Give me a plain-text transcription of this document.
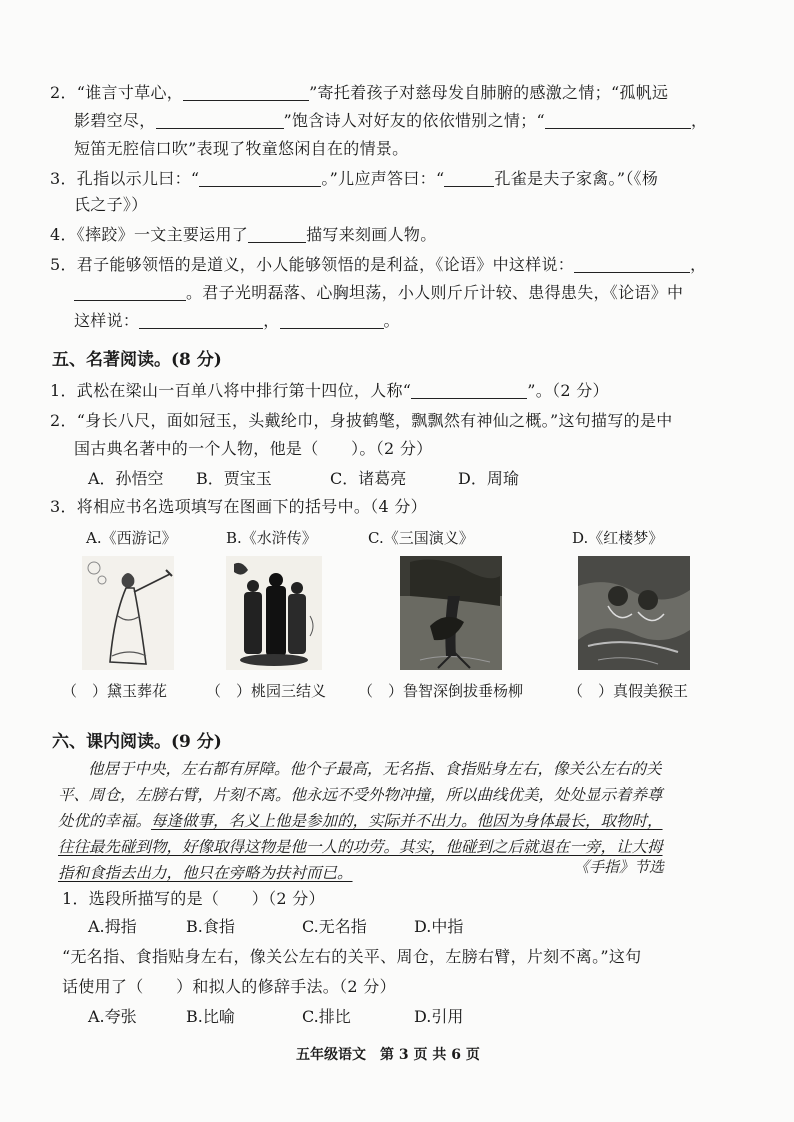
2．“谁言寸草心，	”寄托着孩子对慈母发自肺腑的感激之情；“孤帆远
影碧空尽，	”饱含诗人对好友的依依惜别之情；“	，
短笛无腔信口吹”表现了牧童悠闲自在的情景。
3．孔指以示儿曰：“	。”儿应声答曰：“	孔雀是夫子家禽。”（《杨
氏之子》）
4．《摔跤》一文主要运用了	描写来刻画人物。
5．君子能够领悟的是道义，小人能够领悟的是利益，《论语》中这样说：	，
。君子光明磊落、心胸坦荡，小人则斤斤计较、患得患失，《论语》中
这样说：	，	。
五、名著阅读。(8 分)
1．武松在梁山一百单八将中排行第十四位，人称“	”。（2 分）
2．“身长八尺，面如冠玉，头戴纶巾，身披鹤氅，飘飘然有神仙之概。”这句描写的是中
国古典名著中的一个人物，他是（　　）。（2 分）
A．孙悟空 B．贾宝玉	C．诸葛亮	D．周瑜
3．将相应书名选项填写在图画下的括号中。（4 分）
A.《西游记》	B.《水浒传》	C.《三国演义》	D.《红楼梦》
（　）黛玉葬花	（　）桃园三结义 （　）鲁智深倒拔垂杨柳	（　）真假美猴王
六、课内阅读。(9 分)
他居于中央，左右都有屏障。他个子最高，无名指、食指贴身左右，像关公左右的关
平、周仓，左膀右臂，片刻不离。他永远不受外物冲撞，所以曲线优美，处处显示着养尊
处优的幸福。每逢做事，名义上他是参加的，实际并不出力。他因为身体最长，取物时，
往往最先碰到物，好像取得这物是他一人的功劳。其实，他碰到之后就退在一旁，让大拇
指和食指去出力，他只在旁略为扶衬而已。	《手指》节选
1．选段所描写的是（　　）（2 分）
A.拇指	B.食指	C.无名指	D.中指
“无名指、食指贴身左右，像关公左右的关平、周仓，左膀右臂，片刻不离。”这句
话使用了（　　）和拟人的修辞手法。（2 分）
A.夸张	B.比喻	C.排比	D.引用
五年级语文　第 3 页 共 6 页
